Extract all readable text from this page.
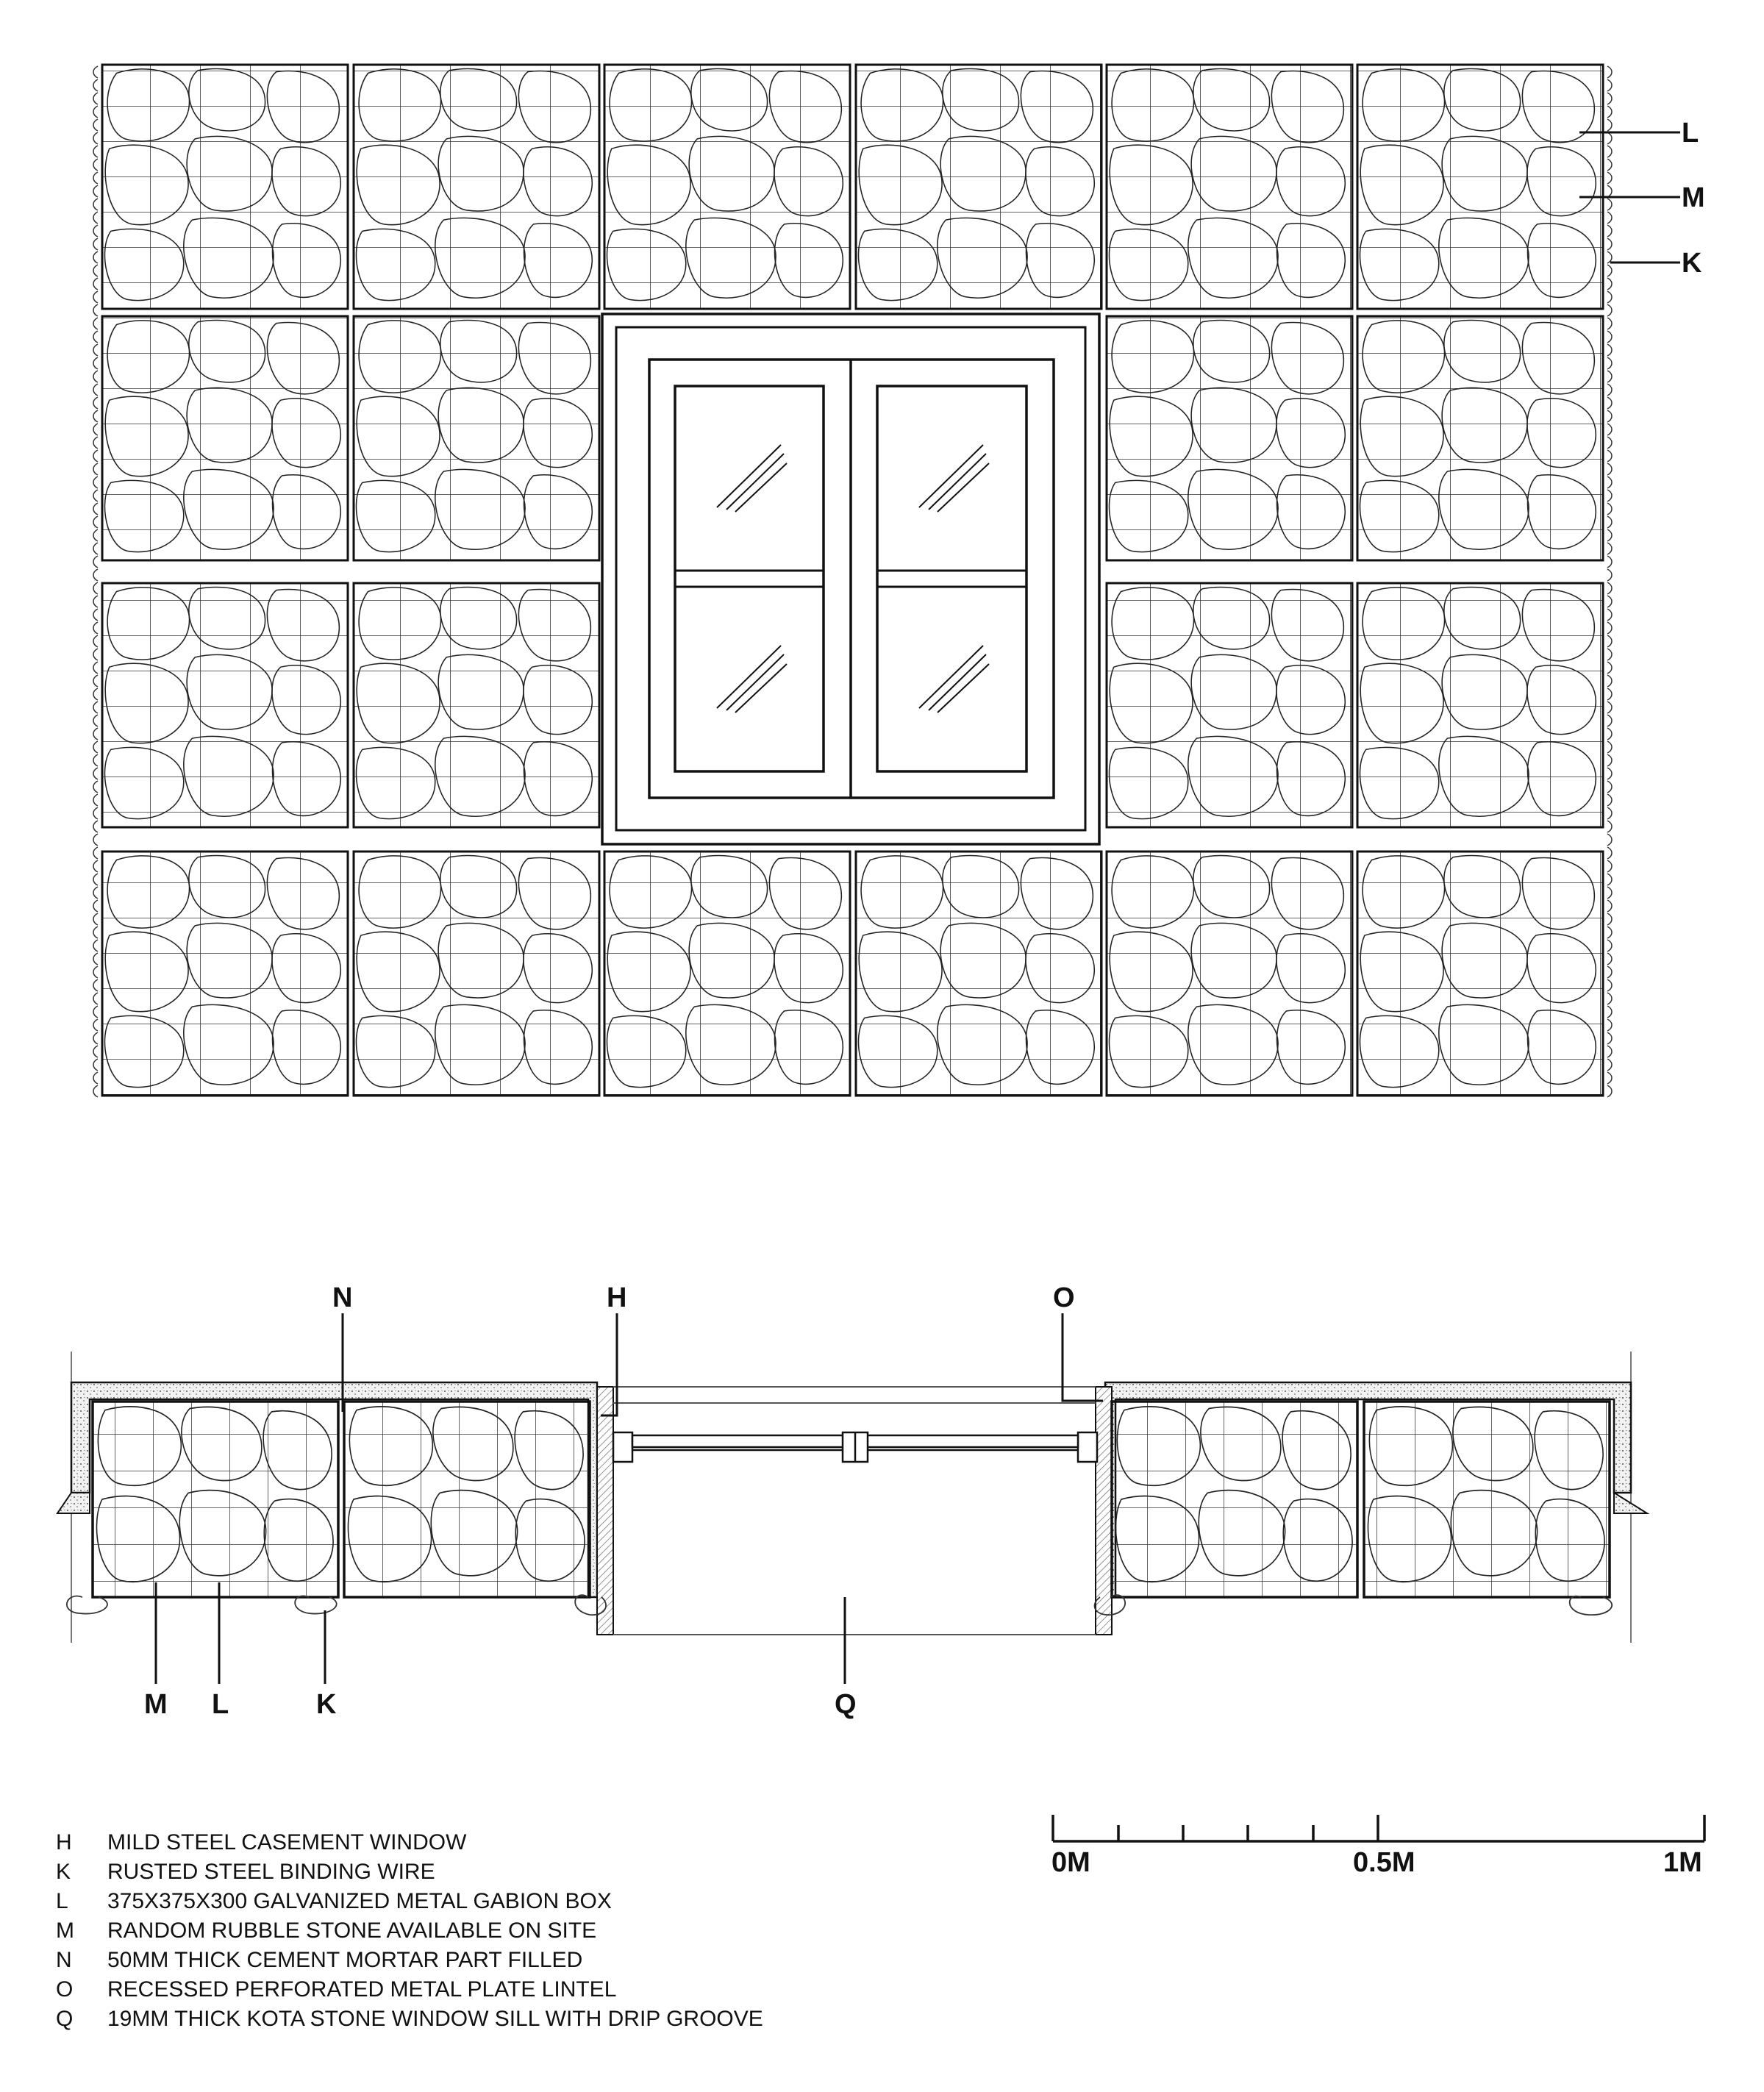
L
M
K
N	H	O
M L	K	Q
0M	0.5M	1M
H	MILD STEEL CASEMENT WINDOW
K	RUSTED STEEL BINDING WIRE
L	375X375X300 GALVANIZED METAL GABION BOX
M	RANDOM RUBBLE STONE AVAILABLE ON SITE
N	50MM THICK CEMENT MORTAR PART FILLED
O	RECESSED PERFORATED METAL PLATE LINTEL
Q	19MM THICK KOTA STONE WINDOW SILL WITH DRIP GROOVE
